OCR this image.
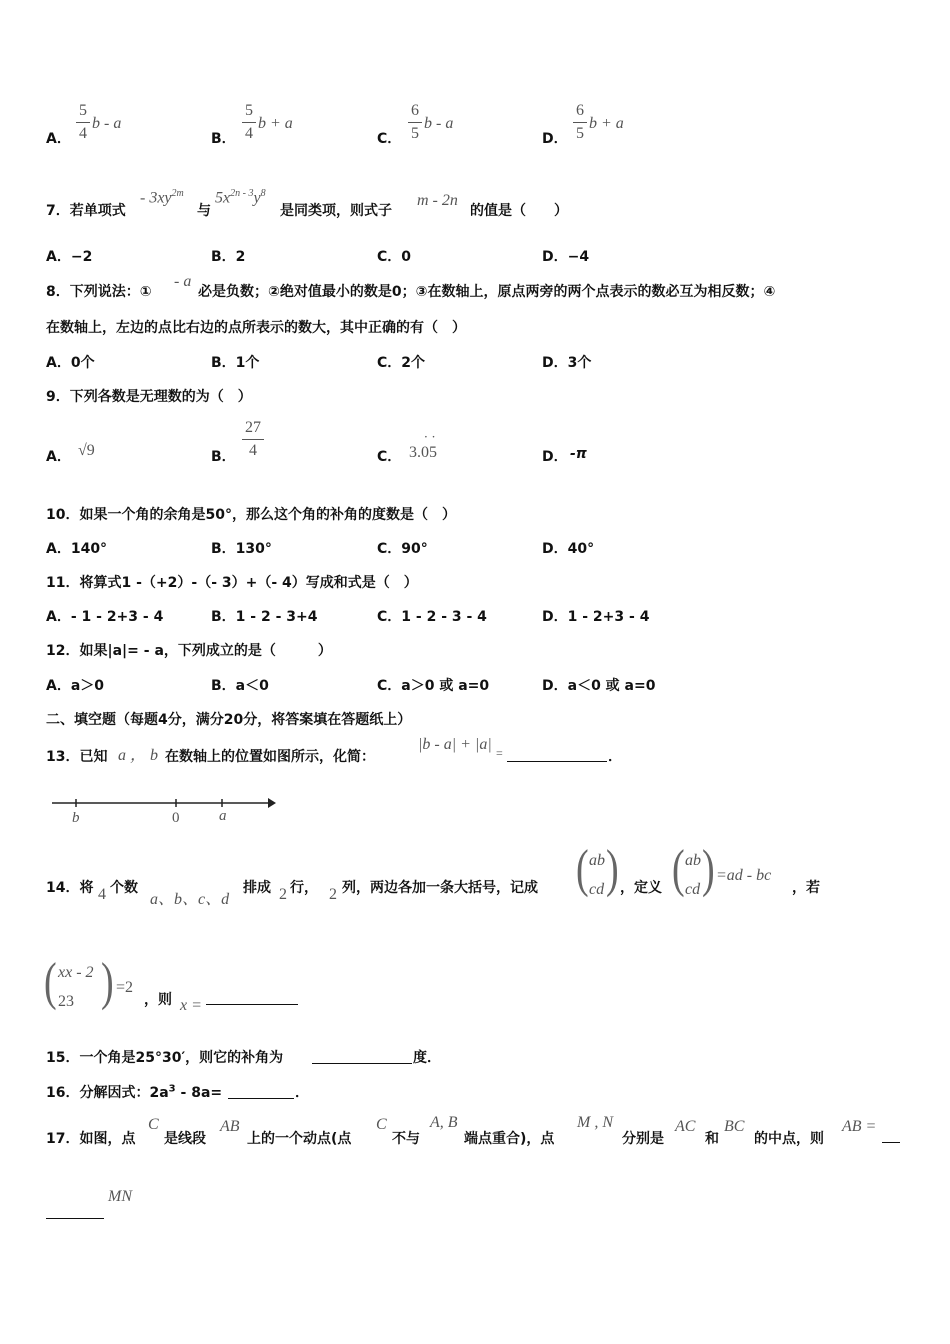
A．
5
4
b - a
B．
5
4
b + a
C．
6
5
b - a
D．
6
5
b + a
7．若单项式
- $3xy^{2m}$
与
$5x^{2n - 3}y^8$
是同类项，则式子
m - 2n
的值是（　　）
A．−2	B．2	C．0	D．−4
8．下列说法：①
- a
必是负数；②绝对值最小的数是0；③在数轴上，原点两旁的两个点表示的数必互为相反数；④
在数轴上，左边的点比右边的点所表示的数大，其中正确的有（　）
A．0个	B．1个	C．2个	D．3个
9．下列各数是无理数的为（　）
A． √9	B．
27
4	C． 3.05
· ·
D． -π
10．如果一个角的余角是50°，那么这个角的补角的度数是（　）
A．140°	B．130°	C．90°	D．40°
11．将算式1 -（+2）-（- 3）+（- 4）写成和式是（　）
A．- 1 - 2+3 - 4	B．1 - 2 - 3+4	C．1 - 2 - 3 - 4	D．1 - 2+3 - 4
12．如果|a|= - a，下列成立的是（　　　）
A．a＞0	B．a＜0	C．a＞0 或 a=0	D．a＜0 或 a=0
二、填空题（每题4分，满分20分，将答案填在答题纸上）
13．已知 a ， b 在数轴上的位置如图所示，化简：
|b - a| + |a| =	．
b	0	a
14．将 4 个数
a、b、c、d
排成 2 行， 2 列，两边各加一条大括号，记成 ( ab
cd ) ，定义 ( ab
cd ) =ad - bc
，若
( xx - 2
23 ) =2
，则 x =
15．一个角是25°30′，则它的补角为	度．
16．分解因式：$2a^3 - 8a=$	．
17．如图，点
C
是线段
AB
上的一个动点(点
C
不与
A, B
端点重合)，点
M , N
分别是
AC
和
BC
的中点，则
AB =
MN
